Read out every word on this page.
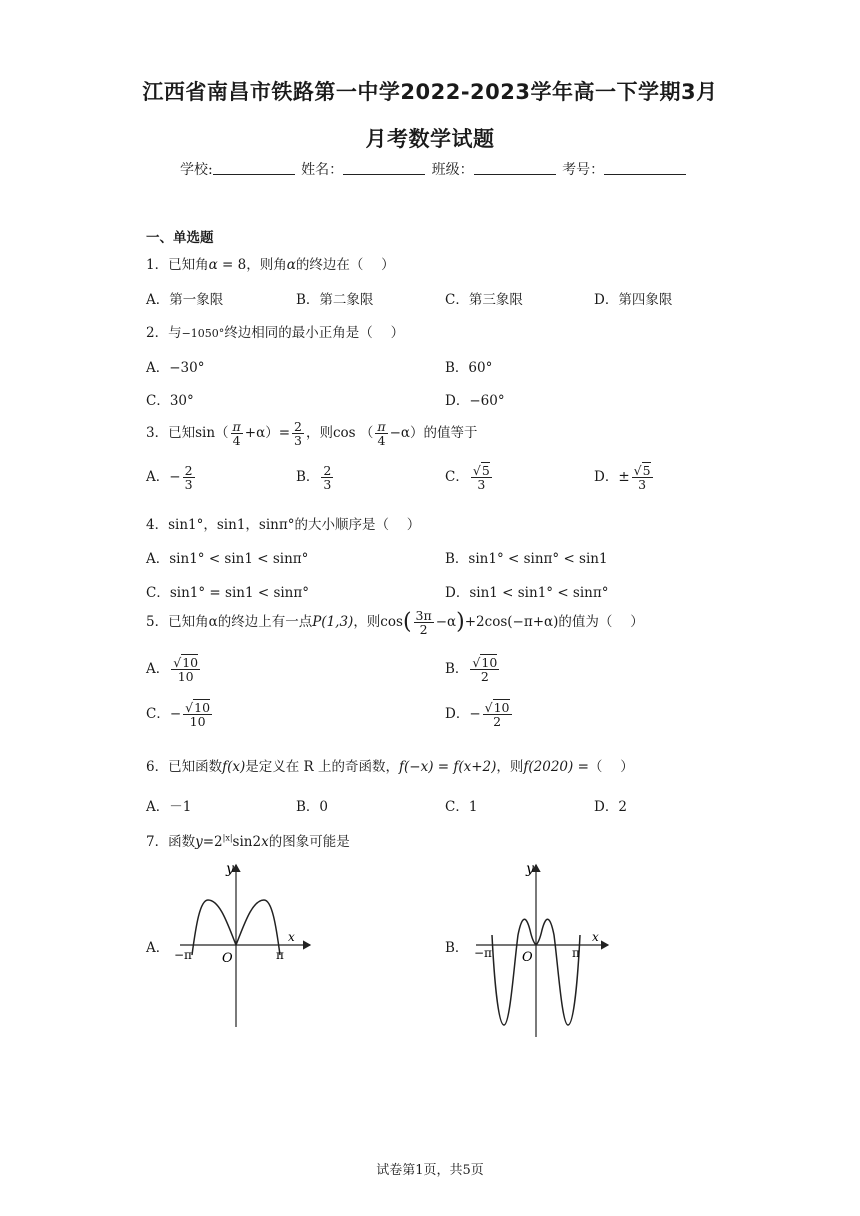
江西省南昌市铁路第一中学2022-2023学年高一下学期3月
月考数学试题
学校:	姓名：	班级：	考号：
一、单选题
1．已知角α = 8，则角α的终边在（　 ）
A．第一象限	B．第二象限	C．第三象限	D．第四象限
2．与−1050°终边相同的最小正角是（　 ）
A．−30°	B．60°
C．30°	D．−60°
3．已知$\sin( \frac{\pi}{4} +\alpha)= \frac{2}{3}$ ，则cos （ $\frac{\pi}{4} -\alpha$）的值等于
A．− $\frac{2}{3}$	B． $\frac{2}{3}$	C． $\frac{√5}{3}$	D．± $\frac{√5}{3}$
4．sin1°，sin1，sinπ°的大小顺序是（　 ）
A．sin1° < sin1 < sinπ°	B．sin1° < sinπ° < sin1
C．sin1° = sin1 < sinπ°	D．sin1 < sin1° < sinπ°
5．已知角α的终边上有一点P(1,3)，则$\cos( \frac{3\pi}{2} -\alpha)+2\cos(-\pi+\alpha)$的值为（　 ）
A． $\frac{√10}{10}$	B． $\frac{√10}{2}$
C．− $\frac{√10}{10}$	D．− $\frac{√10}{2}$
6．已知函数f(x)是定义在 R 上的奇函数，f(−x) = f(x+2)，则f(2020) =（　 ）
A．－1	B．0	C．1	D．2
7．函数$y=2^{|x|}\sin 2x$的图象可能是
A．
y
x
−π O	π	B．
y
x
−π O	π
试卷第1页，共5页
